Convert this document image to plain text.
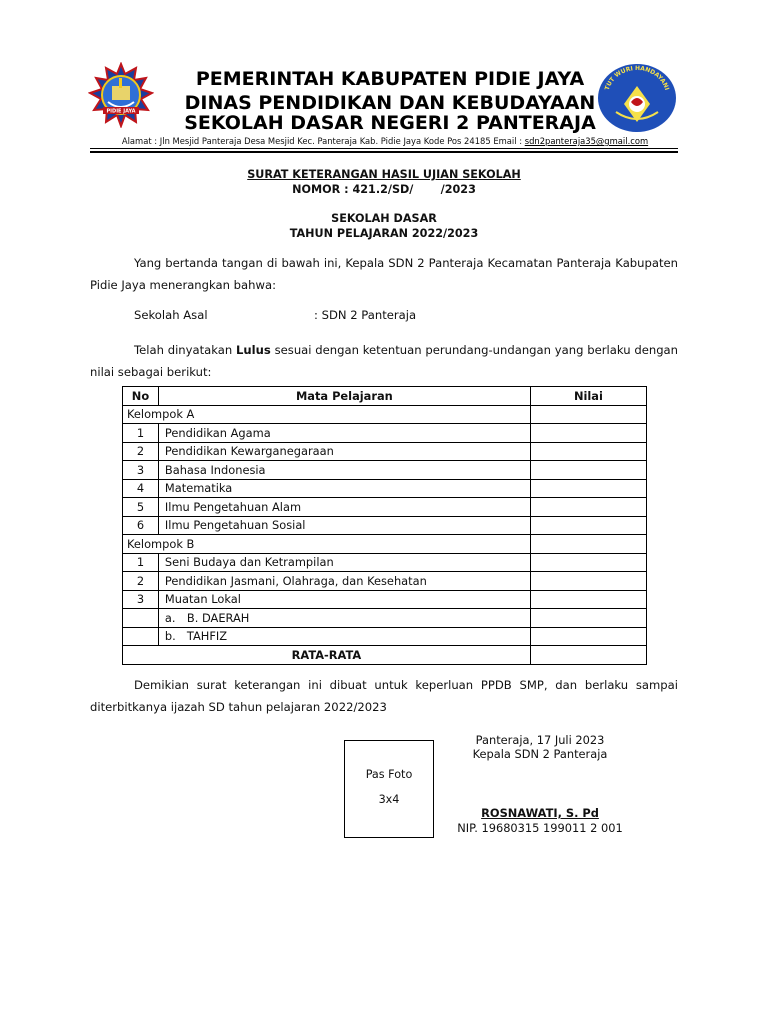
PIDIE JAYA
TUT WURI HANDAYANI
PEMERINTAH KABUPATEN PIDIE JAYA
DINAS PENDIDIKAN DAN KEBUDAYAAN
SEKOLAH DASAR NEGERI 2 PANTERAJA
Alamat : Jln Mesjid Panteraja Desa Mesjid Kec. Panteraja Kab. Pidie Jaya Kode Pos 24185 Email : sdn2panteraja35@gmail.com
SURAT KETERANGAN HASIL UJIAN SEKOLAH
NOMOR : 421.2/SD/       /2023
SEKOLAH DASAR
TAHUN PELAJARAN 2022/2023
Yang bertanda tangan di bawah ini, Kepala SDN 2 Panteraja Kecamatan Panteraja Kabupaten Pidie Jaya menerangkan bahwa:
Sekolah Asal	: SDN 2 Panteraja
Telah dinyatakan Lulus sesuai dengan ketentuan perundang-undangan yang berlaku dengan nilai sebagai berikut:
No	Mata Pelajaran	Nilai
Kelompok A		
1	Pendidikan Agama	
2	Pendidikan Kewarganegaraan	
3	Bahasa Indonesia	
4	Matematika	
5	Ilmu Pengetahuan Alam	
6	Ilmu Pengetahuan Sosial	
Kelompok B		
1	Seni Budaya dan Ketrampilan	
2	Pendidikan Jasmani, Olahraga, dan Kesehatan	
3	Muatan Lokal	
	a. B. DAERAH	
	b. TAHFIZ	
RATA-RATA		
Demikian surat keterangan ini dibuat untuk keperluan PPDB SMP, dan berlaku sampai diterbitkanya ijazah SD tahun pelajaran 2022/2023
Pas Foto
3x4
Panteraja, 17 Juli 2023
Kepala SDN 2 Panteraja
ROSNAWATI, S. Pd
NIP. 19680315 199011 2 001
